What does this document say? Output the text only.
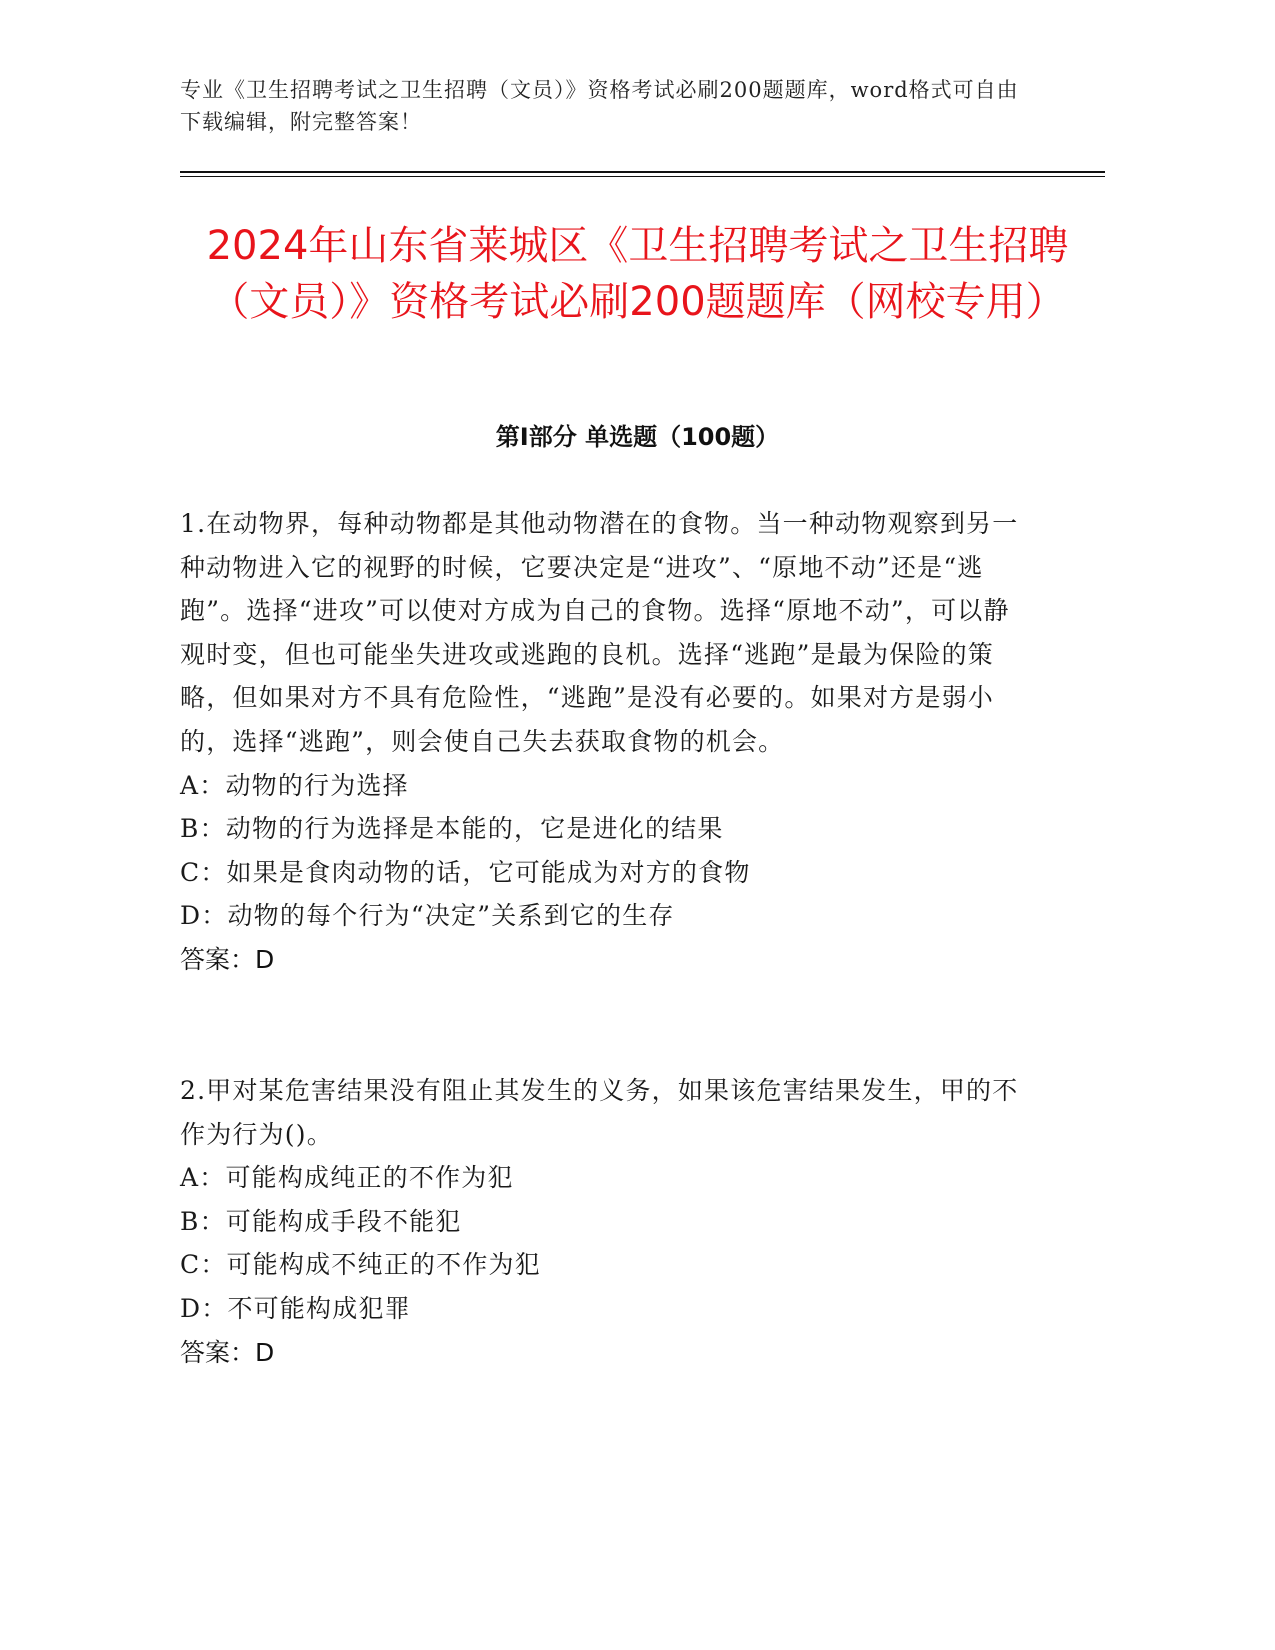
专业《卫生招聘考试之卫生招聘（文员）》资格考试必刷200题题库，word格式可自由下载编辑，附完整答案！
2024年山东省莱城区《卫生招聘考试之卫生招聘（文员）》资格考试必刷200题题库（网校专用）
第I部分 单选题（100题）

1.在动物界，每种动物都是其他动物潜在的食物。当一种动物观察到另一种动物进入它的视野的时候，它要决定是“进攻”、“原地不动”还是“逃跑”。选择“进攻”可以使对方成为自己的食物。选择“原地不动”，可以静观时变，但也可能坐失进攻或逃跑的良机。选择“逃跑”是最为保险的策略，但如果对方不具有危险性，“逃跑”是没有必要的。如果对方是弱小的，选择“逃跑”，则会使自己失去获取食物的机会。

A：动物的行为选择

B：动物的行为选择是本能的，它是进化的结果

C：如果是食肉动物的话，它可能成为对方的食物

D：动物的每个行为“决定”关系到它的生存

答案：D

2.甲对某危害结果没有阻止其发生的义务，如果该危害结果发生，甲的不作为行为()。

A：可能构成纯正的不作为犯

B：可能构成手段不能犯

C：可能构成不纯正的不作为犯

D：不可能构成犯罪

答案：D
